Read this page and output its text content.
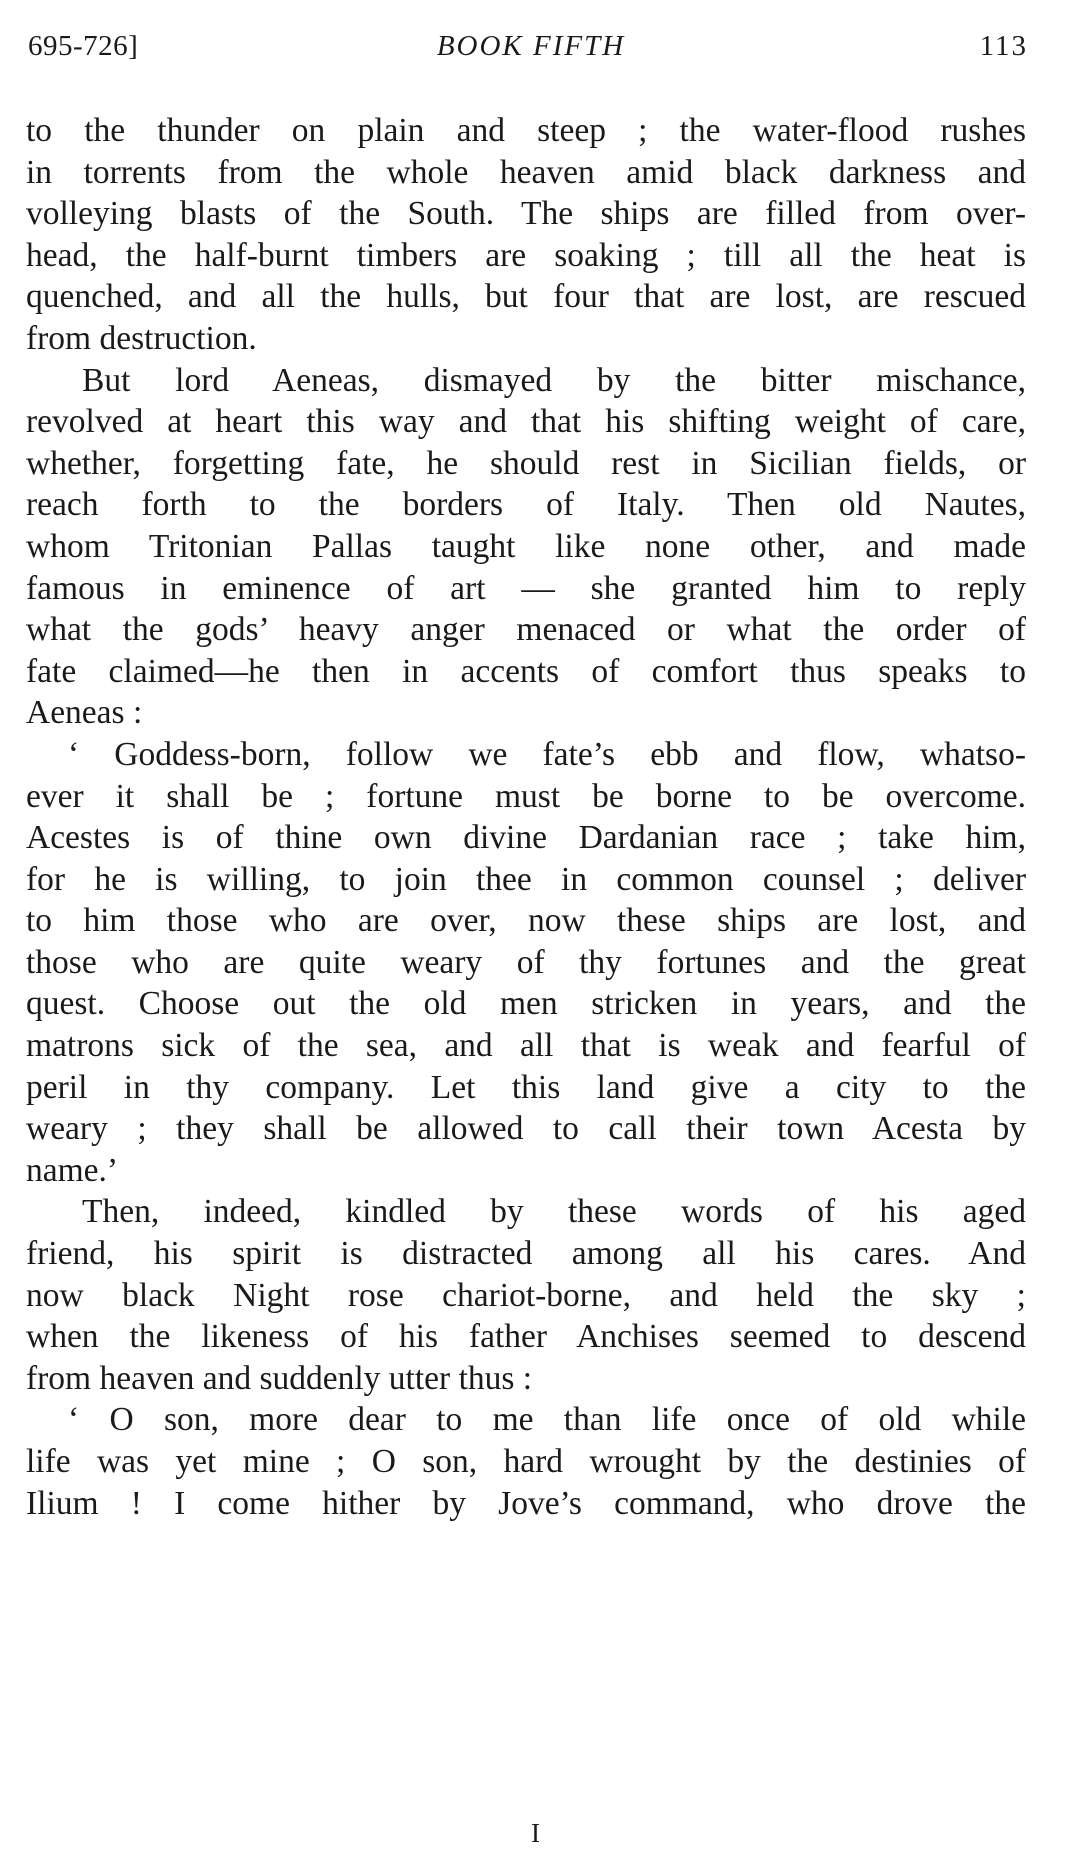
695-726]	BOOK FIFTH	113
to the thunder on plain and steep ; the water-flood rushes
in torrents from the whole heaven amid black darkness and
volleying blasts of the South. The ships are filled from over-
head, the half-burnt timbers are soaking ; till all the heat is
quenched, and all the hulls, but four that are lost, are rescued
from destruction.
But lord Aeneas, dismayed by the bitter mischance,
revolved at heart this way and that his shifting weight of care,
whether, forgetting fate, he should rest in Sicilian fields, or
reach forth to the borders of Italy. Then old Nautes,
whom Tritonian Pallas taught like none other, and made
famous in eminence of art — she granted him to reply
what the gods’ heavy anger menaced or what the order of
fate claimed—he then in accents of comfort thus speaks to
Aeneas :
‘ Goddess-born, follow we fate’s ebb and flow, whatso-
ever it shall be ; fortune must be borne to be overcome.
Acestes is of thine own divine Dardanian race ; take him,
for he is willing, to join thee in common counsel ; deliver
to him those who are over, now these ships are lost, and
those who are quite weary of thy fortunes and the great
quest. Choose out the old men stricken in years, and the
matrons sick of the sea, and all that is weak and fearful of
peril in thy company. Let this land give a city to the
weary ; they shall be allowed to call their town Acesta by
name.’
Then, indeed, kindled by these words of his aged
friend, his spirit is distracted among all his cares. And
now black Night rose chariot-borne, and held the sky ;
when the likeness of his father Anchises seemed to descend
from heaven and suddenly utter thus :
‘ O son, more dear to me than life once of old while
life was yet mine ; O son, hard wrought by the destinies of
Ilium ! I come hither by Jove’s command, who drove the
I
